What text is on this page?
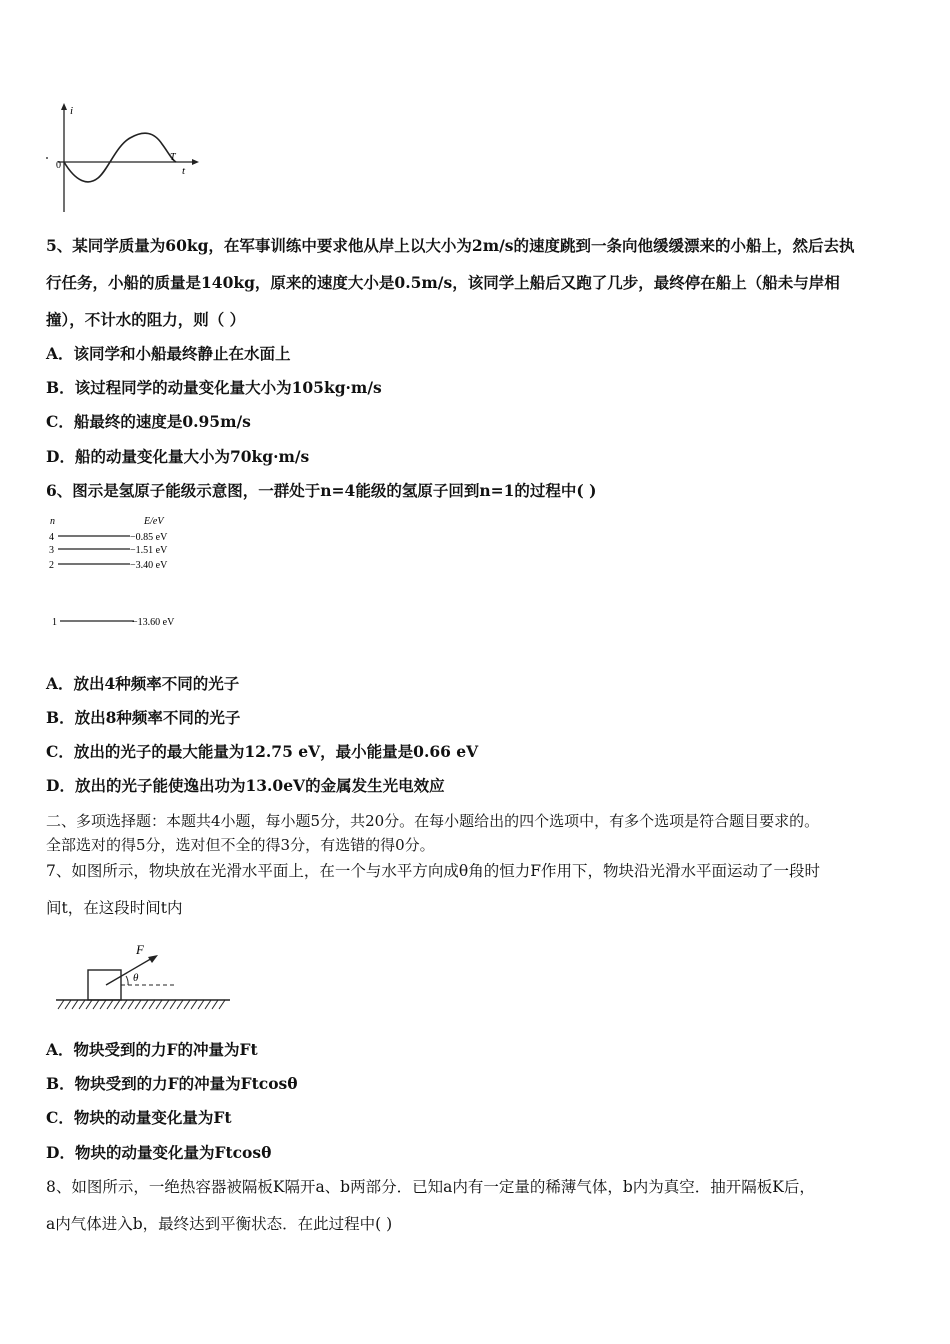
i
0
T
t
5、某同学质量为60kg，在军事训练中要求他从岸上以大小为2m/s的速度跳到一条向他缓缓漂来的小船上，然后去执
行任务，小船的质量是140kg，原来的速度大小是0.5m/s，该同学上船后又跑了几步，最终停在船上（船未与岸相
撞），不计水的阻力，则（ ）
A．该同学和小船最终静止在水面上
B．该过程同学的动量变化量大小为105kg·m/s
C．船最终的速度是0.95m/s
D．船的动量变化量大小为70kg·m/s
6、图示是氢原子能级示意图，一群处于n=4能级的氢原子回到n=1的过程中( )
n	E/eV
4	−0.85 eV
3	−1.51 eV
2	−3.40 eV
1	−13.60 eV
A．放出4种频率不同的光子
B．放出8种频率不同的光子
C．放出的光子的最大能量为12.75 eV，最小能量是0.66 eV
D．放出的光子能使逸出功为13.0eV的金属发生光电效应
二、多项选择题：本题共4小题，每小题5分，共20分。在每小题给出的四个选项中，有多个选项是符合题目要求的。
全部选对的得5分，选对但不全的得3分，有选错的得0分。
7、如图所示，物块放在光滑水平面上，在一个与水平方向成θ角的恒力F作用下，物块沿光滑水平面运动了一段时
间t，在这段时间t内
F
θ
A．物块受到的力F的冲量为Ft
B．物块受到的力F的冲量为Ftcosθ
C．物块的动量变化量为Ft
D．物块的动量变化量为Ftcosθ
8、如图所示，一绝热容器被隔板K隔开a、b两部分．已知a内有一定量的稀薄气体，b内为真空．抽开隔板K后，
a内气体进入b，最终达到平衡状态．在此过程中( )
